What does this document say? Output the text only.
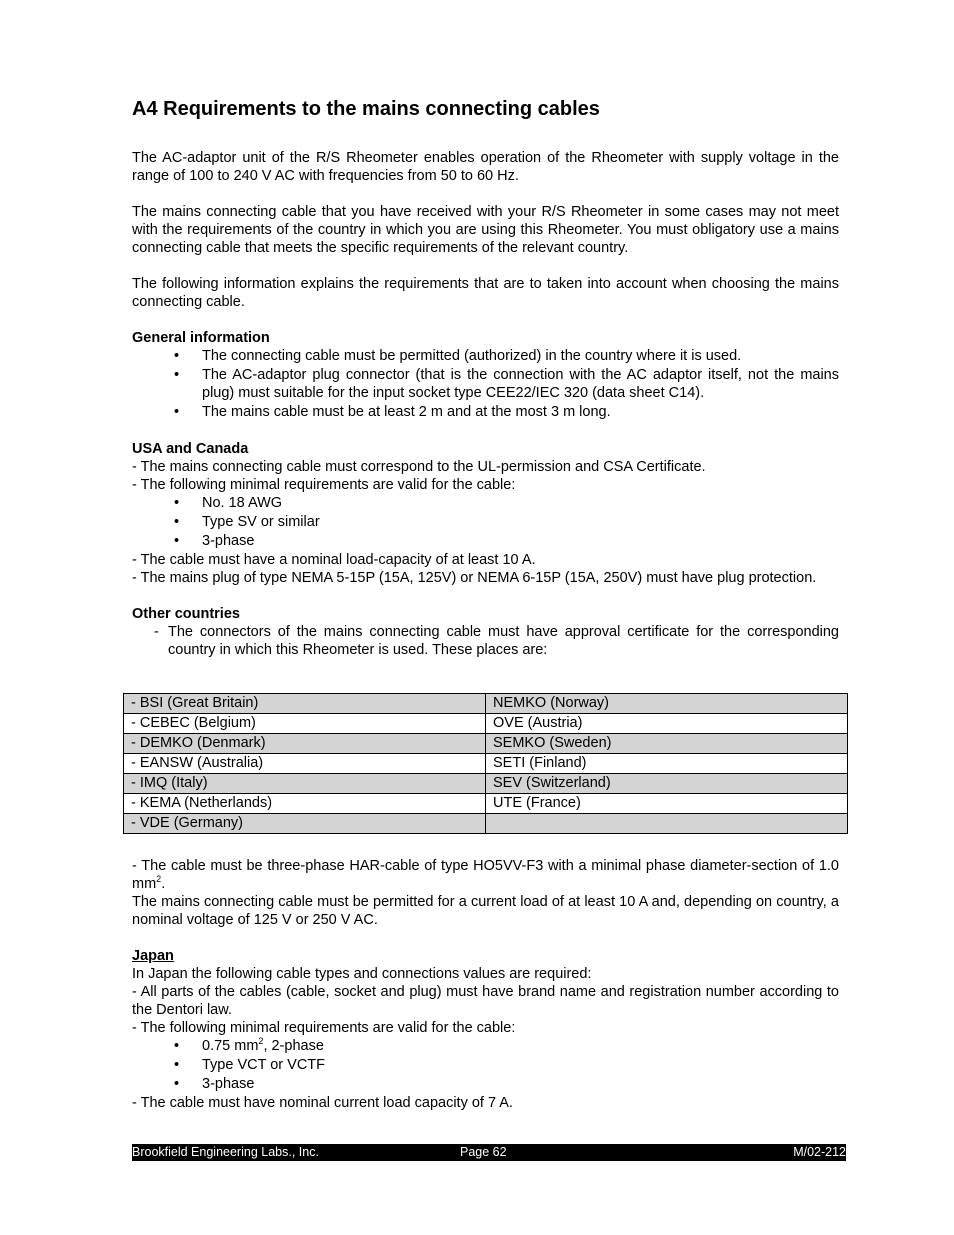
A4 Requirements to the mains connecting cables

The AC-adaptor unit of the R/S Rheometer enables operation of the Rheometer with supply voltage in the range of 100 to 240 V AC with frequencies from 50 to 60 Hz.

The mains connecting cable that you have received with your R/S Rheometer in some cases may not meet with the requirements of the country in which you are using this Rheometer. You must obligatory use a mains connecting cable that meets the specific requirements of the relevant country.

The following information explains the requirements that are to taken into account when choosing the mains connecting cable.

General information
• The connecting cable must be permitted (authorized) in the country where it is used.
• The AC-adaptor plug connector (that is the connection with the AC adaptor itself, not the mains plug) must suitable for the input socket type CEE22/IEC 320 (data sheet C14).
• The mains cable must be at least 2 m and at the most 3 m long.
USA and Canada

- The mains connecting cable must correspond to the UL-permission and CSA Certificate.

- The following minimal requirements are valid for the cable:

• No. 18 AWG
• Type SV or similar
• 3-phase

- The cable must have a nominal load-capacity of at least 10 A.

- The mains plug of type NEMA 5-15P (15A, 125V) or NEMA 6-15P (15A, 250V) must have plug protection.

Other countries
- The connectors of the mains connecting cable must have approval certificate for the corresponding country in which this Rheometer is used. These places are:
- BSI (Great Britain)	NEMKO (Norway)
- CEBEC (Belgium)	OVE (Austria)
- DEMKO (Denmark)	SEMKO (Sweden)
- EANSW (Australia)	SETI (Finland)
- IMQ (Italy)	SEV (Switzerland)
- KEMA (Netherlands)	UTE (France)
- VDE (Germany)	

- The cable must be three-phase HAR-cable of type HO5VV-F3 with a minimal phase diameter-section of 1.0 $mm^2$.

The mains connecting cable must be permitted for a current load of at least 10 A and, depending on country, a nominal voltage of 125 V or 250 V AC.

Japan

In Japan the following cable types and connections values are required:

- All parts of the cables (cable, socket and plug) must have brand name and registration number according to the Dentori law.

- The following minimal requirements are valid for the cable:

• 0.75 $mm^2$, 2-phase
• Type VCT or VCTF
• 3-phase

- The cable must have nominal current load capacity of 7 A.

Brookfield Engineering Labs., Inc.	Page 62	M/02-212
